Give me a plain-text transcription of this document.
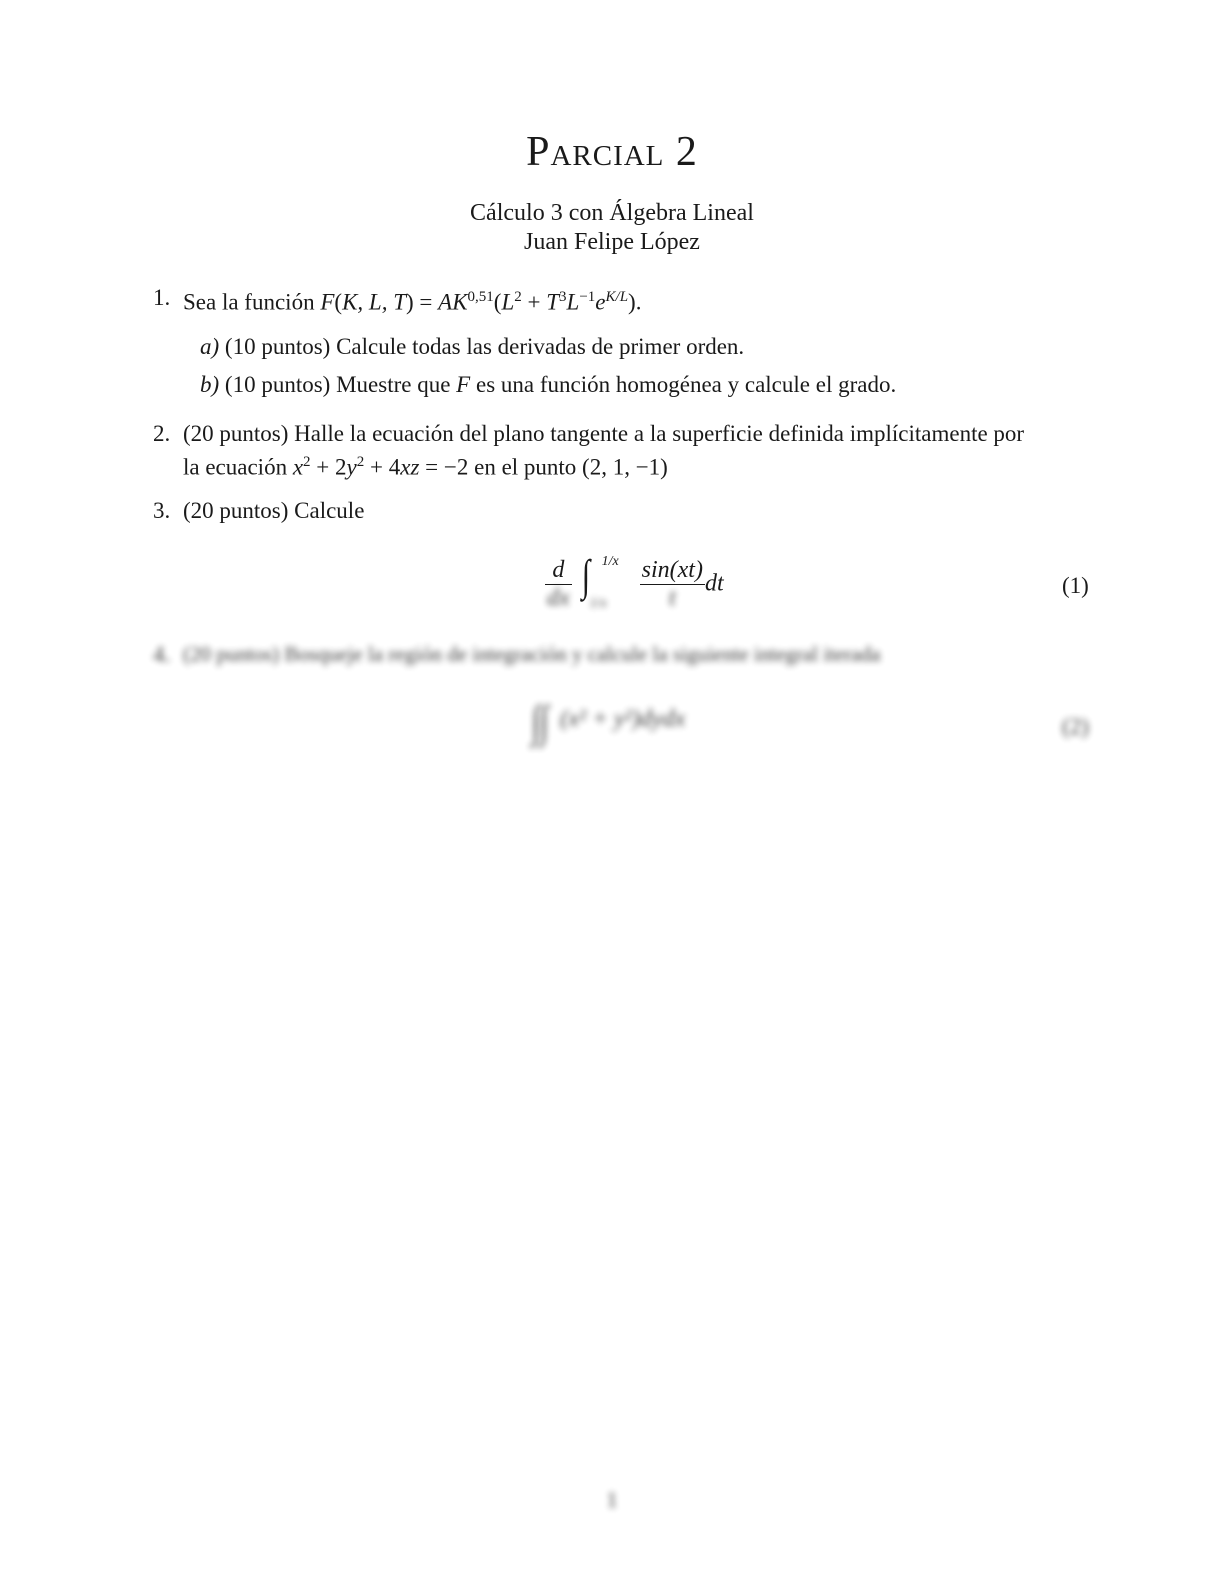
Parcial 2
Cálculo 3 con Álgebra Lineal
Juan Felipe López
1. Sea la función F(K, L, $T) = AK^{0,51}(L^2 + T^3L^{-1}e^{K/L})$.
a) (10 puntos) Calcule todas las derivadas de primer orden.
b) (10 puntos) Muestre que F es una función homogénea y calcule el grado.
2. (20 puntos) Halle la ecuación del plano tangente a la superficie definida implícitamente por
la ecuación $x^2 + 2y^2 + 4xz = -2$ en el punto (2, 1, −1)
3. (20 puntos) Calcule
$\frac{d}{dx}$
∫ 1/x
1/x
$\frac{\sin(xt)}{t}$ dt	(1)
4. (20 puntos) Bosqueje la región de integración y calcule la siguiente integral iterada
∫∫ (x² + y²)dydx	(2)
1
